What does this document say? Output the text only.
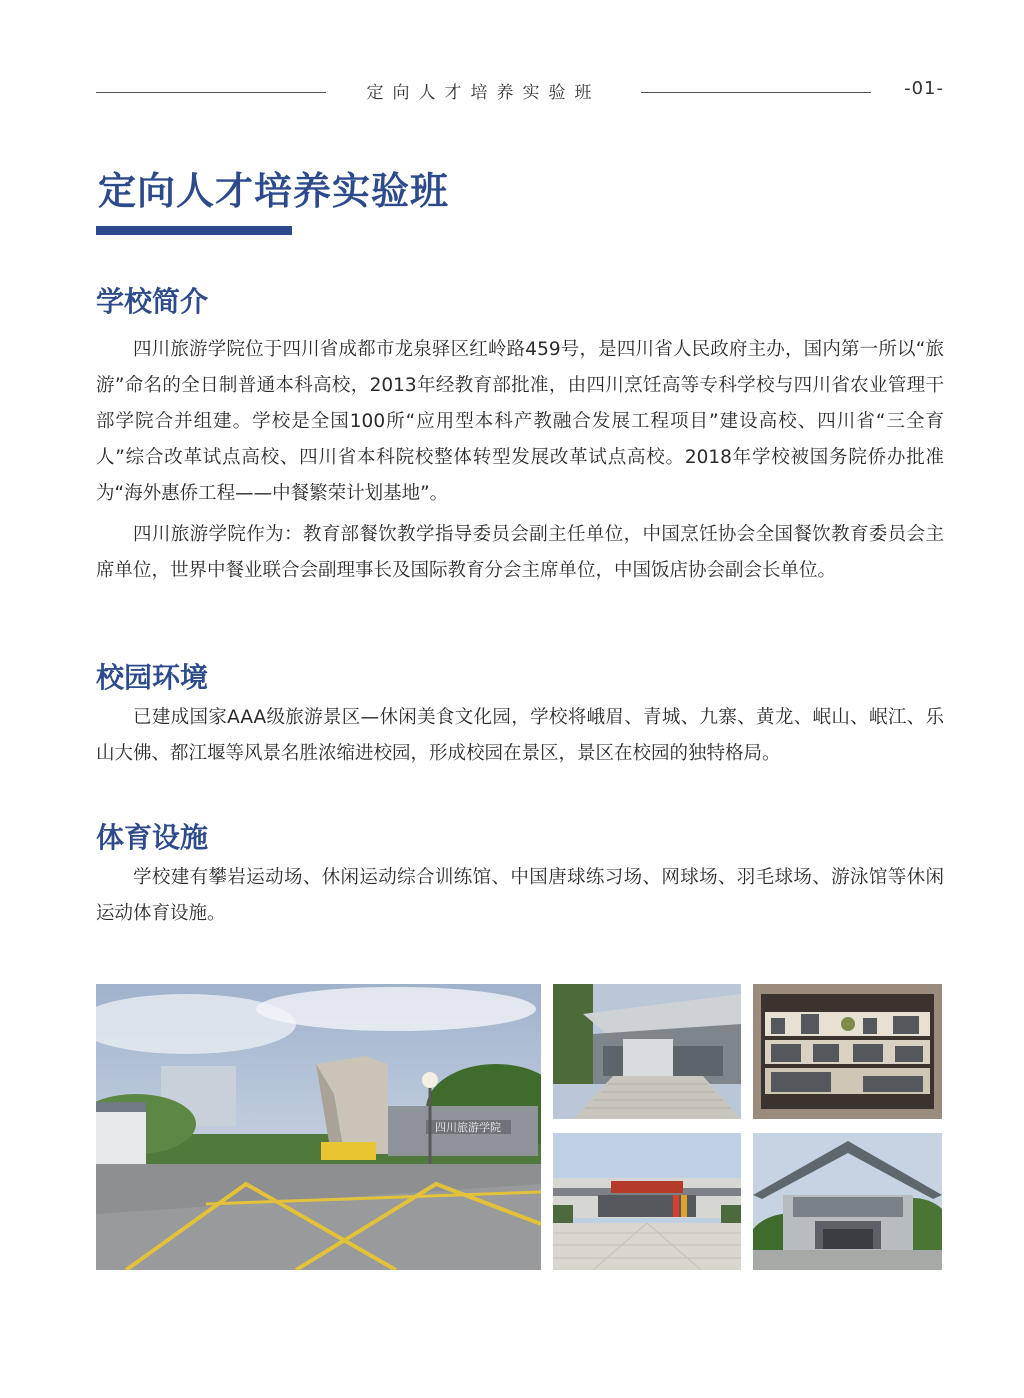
定向人才培养实验班	-01-
定向人才培养实验班
学校简介

四川旅游学院位于四川省成都市龙泉驿区红岭路459号，是四川省人民政府主办，国内第一所以“旅游”命名的全日制普通本科高校，2013年经教育部批准，由四川烹饪高等专科学校与四川省农业管理干部学院合并组建。学校是全国100所“应用型本科产教融合发展工程项目”建设高校、四川省“三全育人”综合改革试点高校、四川省本科院校整体转型发展改革试点高校。2018年学校被国务院侨办批准为“海外惠侨工程——中餐繁荣计划基地”。

四川旅游学院作为：教育部餐饮教学指导委员会副主任单位，中国烹饪协会全国餐饮教育委员会主席单位，世界中餐业联合会副理事长及国际教育分会主席单位，中国饭店协会副会长单位。

校园环境

已建成国家AAA级旅游景区—休闲美食文化园，学校将峨眉、青城、九寨、黄龙、岷山、岷江、乐山大佛、都江堰等风景名胜浓缩进校园，形成校园在景区，景区在校园的独特格局。

体育设施

学校建有攀岩运动场、休闲运动综合训练馆、中国唐球练习场、网球场、羽毛球场、游泳馆等休闲运动体育设施。

四川旅游学院
